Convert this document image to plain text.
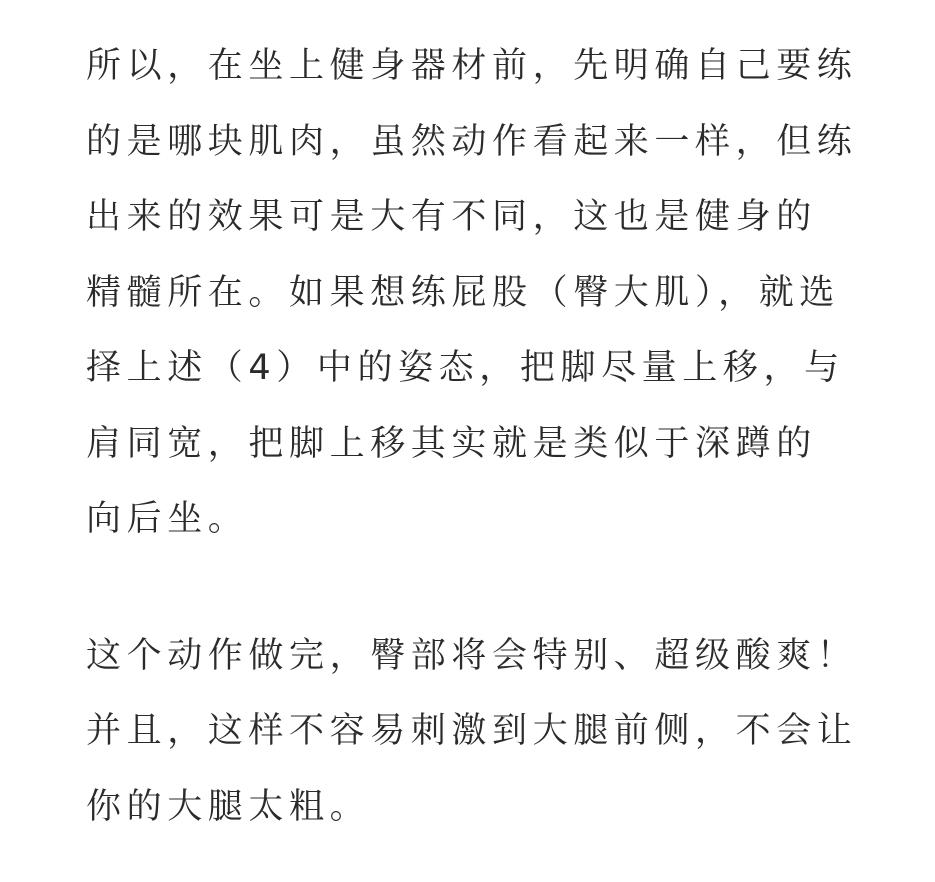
所以，在坐上健身器材前，先明确自己要练
的是哪块肌肉，虽然动作看起来一样，但练
出来的效果可是大有不同，这也是健身的
精髓所在。如果想练屁股（臀大肌），就选
择上述（4）中的姿态，把脚尽量上移，与
肩同宽，把脚上移其实就是类似于深蹲的
向后坐。

这个动作做完，臀部将会特别、超级酸爽！
并且，这样不容易刺激到大腿前侧，不会让
你的大腿太粗。
